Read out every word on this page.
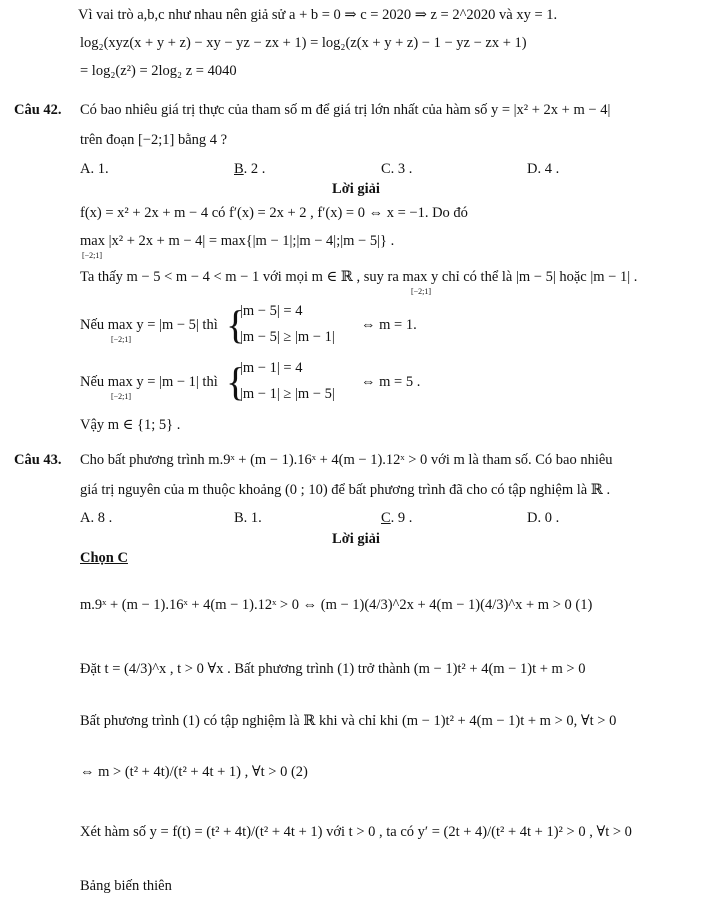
Vì vai trò a,b,c như nhau nên giả sử a + b = 0 ⇒ c = 2020 ⇒ z = 2^2020 và xy = 1.
log₂(xyz(x + y + z) − xy − yz − zx + 1) = log₂(z(x + y + z) − 1 − yz − zx + 1)
= log₂(z²) = 2log₂ z = 4040
Câu 42. Có bao nhiêu giá trị thực của tham số m để giá trị lớn nhất của hàm số y = |x² + 2x + m − 4|
trên đoạn [−2;1] bằng 4 ?
A. 1.	B. 2 .	C. 3 .	D. 4 .
Lời giải
f(x) = x² + 2x + m − 4 có f′(x) = 2x + 2 , f′(x) = 0 ⇔ x = −1. Do đó
max |x² + 2x + m − 4| = max{|m − 1|;|m − 4|;|m − 5|} .
[−2;1]
Ta thấy m − 5 < m − 4 < m − 1 với mọi m ∈ ℝ , suy ra max y chỉ có thể là |m − 5| hoặc |m − 1| .
[−2;1]
Nếu max y = |m − 5| thì
[−2;1] {
|m − 5| = 4
|m − 5| ≥ |m − 1|
⇔ m = 1.
Nếu max y = |m − 1| thì
[−2;1] {
|m − 1| = 4
|m − 1| ≥ |m − 5|
⇔ m = 5 .
Vậy m ∈ {1; 5} .
Câu 43. Cho bất phương trình m.9ˣ + (m − 1).16ˣ + 4(m − 1).12ˣ > 0 với m là tham số. Có bao nhiêu
giá trị nguyên của m thuộc khoảng (0 ; 10) để bất phương trình đã cho có tập nghiệm là ℝ .
A. 8 .	B. 1.	C. 9 .	D. 0 .
Lời giải
Chọn C
m.9ˣ + (m − 1).16ˣ + 4(m − 1).12ˣ > 0 ⇔ (m − 1)(4/3)^2x + 4(m − 1)(4/3)^x + m > 0 (1)
Đặt t = (4/3)^x , t > 0 ∀x . Bất phương trình (1) trở thành (m − 1)t² + 4(m − 1)t + m > 0
Bất phương trình (1) có tập nghiệm là ℝ khi và chỉ khi (m − 1)t² + 4(m − 1)t + m > 0, ∀t > 0
⇔ m > (t² + 4t)/(t² + 4t + 1) , ∀t > 0 (2)
Xét hàm số y = f(t) = (t² + 4t)/(t² + 4t + 1) với t > 0 , ta có y′ = (2t + 4)/(t² + 4t + 1)² > 0 , ∀t > 0
Bảng biến thiên
